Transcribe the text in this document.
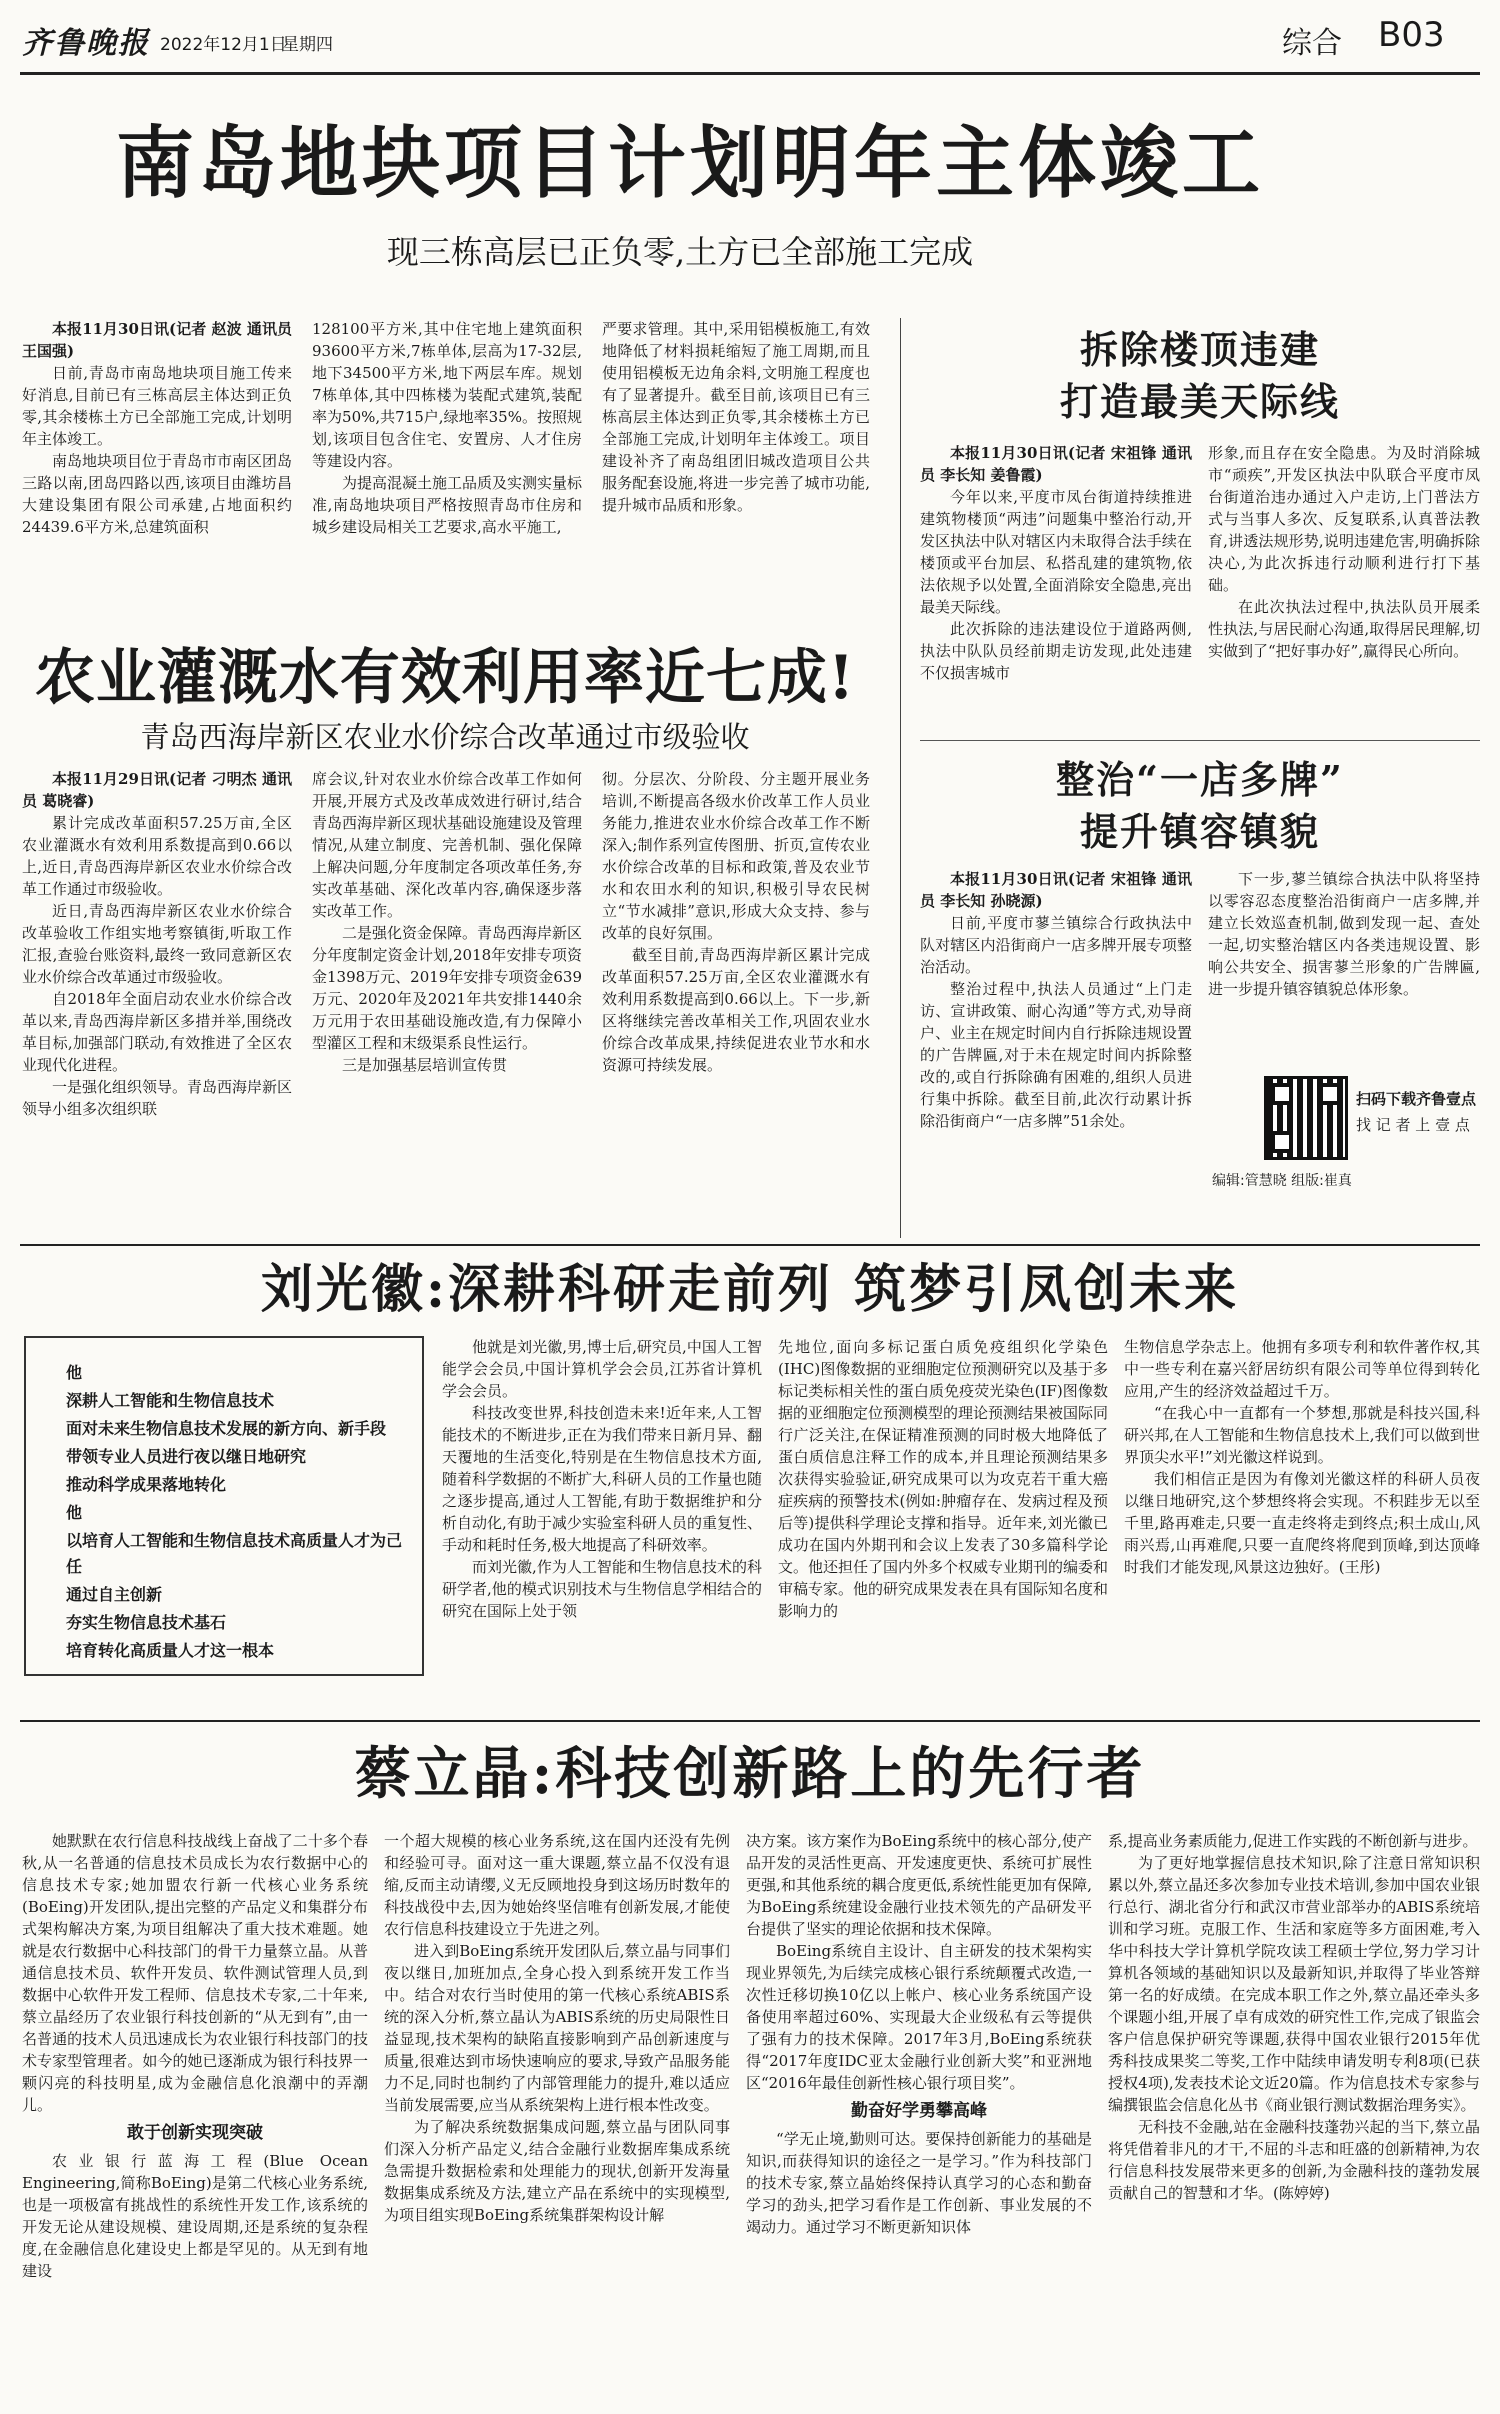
齐鲁晚报 2022年12月1日
星期四	综合 B03
南岛地块项目计划明年主体竣工
现三栋高层已正负零,土方已全部施工完成

本报11月30日讯(记者 赵波 通讯员 王国强)

日前,青岛市南岛地块项目施工传来好消息,目前已有三栋高层主体达到正负零,其余楼栋土方已全部施工完成,计划明年主体竣工。

南岛地块项目位于青岛市市南区团岛三路以南,团岛四路以西,该项目由潍坊昌大建设集团有限公司承建,占地面积约24439.6平方米,总建筑面积

128100平方米,其中住宅地上建筑面积93600平方米,7栋单体,层高为17-32层,地下34500平方米,地下两层车库。规划7栋单体,其中四栋楼为装配式建筑,装配率为50%,共715户,绿地率35%。按照规划,该项目包含住宅、安置房、人才住房等建设内容。

为提高混凝土施工品质及实测实量标准,南岛地块项目严格按照青岛市住房和城乡建设局相关工艺要求,高水平施工,

严要求管理。其中,采用铝模板施工,有效地降低了材料损耗缩短了施工周期,而且使用铝模板无边角余料,文明施工程度也有了显著提升。截至目前,该项目已有三栋高层主体达到正负零,其余楼栋土方已全部施工完成,计划明年主体竣工。项目建设补齐了南岛组团旧城改造项目公共服务配套设施,将进一步完善了城市功能,提升城市品质和形象。

农业灌溉水有效利用率近七成!
青岛西海岸新区农业水价综合改革通过市级验收

本报11月29日讯(记者 刁明杰 通讯员 葛晓睿)

累计完成改革面积57.25万亩,全区农业灌溉水有效利用系数提高到0.66以上,近日,青岛西海岸新区农业水价综合改革工作通过市级验收。

近日,青岛西海岸新区农业水价综合改革验收工作组实地考察镇街,听取工作汇报,查验台账资料,最终一致同意新区农业水价综合改革通过市级验收。

自2018年全面启动农业水价综合改革以来,青岛西海岸新区多措并举,围绕改革目标,加强部门联动,有效推进了全区农业现代化进程。

一是强化组织领导。青岛西海岸新区领导小组多次组织联

席会议,针对农业水价综合改革工作如何开展,开展方式及改革成效进行研讨,结合青岛西海岸新区现状基础设施建设及管理情况,从建立制度、完善机制、强化保障上解决问题,分年度制定各项改革任务,夯实改革基础、深化改革内容,确保逐步落实改革工作。

二是强化资金保障。青岛西海岸新区分年度制定资金计划,2018年安排专项资金1398万元、2019年安排专项资金639万元、2020年及2021年共安排1440余万元用于农田基础设施改造,有力保障小型灌区工程和末级渠系良性运行。

三是加强基层培训宣传贯

彻。分层次、分阶段、分主题开展业务培训,不断提高各级水价改革工作人员业务能力,推进农业水价综合改革工作不断深入;制作系列宣传图册、折页,宣传农业水价综合改革的目标和政策,普及农业节水和农田水利的知识,积极引导农民树立“节水减排”意识,形成大众支持、参与改革的良好氛围。

截至目前,青岛西海岸新区累计完成改革面积57.25万亩,全区农业灌溉水有效利用系数提高到0.66以上。下一步,新区将继续完善改革相关工作,巩固农业水价综合改革成果,持续促进农业节水和水资源可持续发展。

拆除楼顶违建
打造最美天际线

本报11月30日讯(记者 宋祖锋 通讯员 李长知 姜鲁霞)

今年以来,平度市凤台街道持续推进建筑物楼顶“两违”问题集中整治行动,开发区执法中队对辖区内未取得合法手续在楼顶或平台加层、私搭乱建的建筑物,依法依规予以处置,全面消除安全隐患,亮出最美天际线。

此次拆除的违法建设位于道路两侧,执法中队队员经前期走访发现,此处违建不仅损害城市

形象,而且存在安全隐患。为及时消除城市“顽疾”,开发区执法中队联合平度市凤台街道治违办通过入户走访,上门普法方式与当事人多次、反复联系,认真普法教育,讲透法规形势,说明违建危害,明确拆除决心,为此次拆违行动顺利进行打下基础。

在此次执法过程中,执法队员开展柔性执法,与居民耐心沟通,取得居民理解,切实做到了“把好事办好”,赢得民心所向。

整治“一店多牌”
提升镇容镇貌

本报11月30日讯(记者 宋祖锋 通讯员 李长知 孙晓源)

日前,平度市蓼兰镇综合行政执法中队对辖区内沿街商户一店多牌开展专项整治活动。

整治过程中,执法人员通过“上门走访、宣讲政策、耐心沟通”等方式,劝导商户、业主在规定时间内自行拆除违规设置的广告牌匾,对于未在规定时间内拆除整改的,或自行拆除确有困难的,组织人员进行集中拆除。截至目前,此次行动累计拆除沿街商户“一店多牌”51余处。

下一步,蓼兰镇综合执法中队将坚持以零容忍态度整治沿街商户一店多牌,并建立长效巡查机制,做到发现一起、查处一起,切实整治辖区内各类违规设置、影响公共安全、损害蓼兰形象的广告牌匾,进一步提升镇容镇貌总体形象。

扫码下载齐鲁壹点
找 记 者 上 壹 点
编辑:管慧晓 组版:崔真
刘光徽:深耕科研走前列 筑梦引凤创未来

他

深耕人工智能和生物信息技术

面对未来生物信息技术发展的新方向、新手段

带领专业人员进行夜以继日地研究

推动科学成果落地转化

他

以培育人工智能和生物信息技术高质量人才为己任

通过自主创新

夯实生物信息技术基石

培育转化高质量人才这一根本

他就是刘光徽,男,博士后,研究员,中国人工智能学会会员,中国计算机学会会员,江苏省计算机学会会员。

科技改变世界,科技创造未来!近年来,人工智能技术的不断进步,正在为我们带来日新月异、翻天覆地的生活变化,特别是在生物信息技术方面,随着科学数据的不断扩大,科研人员的工作量也随之逐步提高,通过人工智能,有助于数据维护和分析自动化,有助于减少实验室科研人员的重复性、手动和耗时任务,极大地提高了科研效率。

而刘光徽,作为人工智能和生物信息技术的科研学者,他的模式识别技术与生物信息学相结合的研究在国际上处于领

先地位,面向多标记蛋白质免疫组织化学染色(IHC)图像数据的亚细胞定位预测研究以及基于多标记类标相关性的蛋白质免疫荧光染色(IF)图像数据的亚细胞定位预测模型的理论预测结果被国际同行广泛关注,在保证精准预测的同时极大地降低了蛋白质信息注释工作的成本,并且理论预测结果多次获得实验验证,研究成果可以为攻克若干重大癌症疾病的预警技术(例如:肿瘤存在、发病过程及预后等)提供科学理论支撑和指导。近年来,刘光徽已成功在国内外期刊和会议上发表了30多篇科学论文。他还担任了国内外多个权威专业期刊的编委和审稿专家。他的研究成果发表在具有国际知名度和影响力的

生物信息学杂志上。他拥有多项专利和软件著作权,其中一些专利在嘉兴舒居纺织有限公司等单位得到转化应用,产生的经济效益超过千万。

“在我心中一直都有一个梦想,那就是科技兴国,科研兴邦,在人工智能和生物信息技术上,我们可以做到世界顶尖水平!”刘光徽这样说到。

我们相信正是因为有像刘光徽这样的科研人员夜以继日地研究,这个梦想终将会实现。不积跬步无以至千里,路再难走,只要一直走终将走到终点;积土成山,风雨兴焉,山再难爬,只要一直爬终将爬到顶峰,到达顶峰时我们才能发现,风景这边独好。(王彤)

蔡立晶:科技创新路上的先行者

她默默在农行信息科技战线上奋战了二十多个春秋,从一名普通的信息技术员成长为农行数据中心的信息技术专家;她加盟农行新一代核心业务系统(BoEing)开发团队,提出完整的产品定义和集群分布式架构解决方案,为项目组解决了重大技术难题。她就是农行数据中心科技部门的骨干力量蔡立晶。从普通信息技术员、软件开发员、软件测试管理人员,到数据中心软件开发工程师、信息技术专家,二十年来,蔡立晶经历了农业银行科技创新的“从无到有”,由一名普通的技术人员迅速成长为农业银行科技部门的技术专家型管理者。如今的她已逐渐成为银行科技界一颗闪亮的科技明星,成为金融信息化浪潮中的弄潮儿。

敢于创新实现突破

农业银行蓝海工程(Blue Ocean Engineering,简称BoEing)是第二代核心业务系统,也是一项极富有挑战性的系统性开发工作,该系统的开发无论从建设规模、建设周期,还是系统的复杂程度,在金融信息化建设史上都是罕见的。从无到有地建设

一个超大规模的核心业务系统,这在国内还没有先例和经验可寻。面对这一重大课题,蔡立晶不仅没有退缩,反而主动请缨,义无反顾地投身到这场历时数年的科技战役中去,因为她始终坚信唯有创新发展,才能使农行信息科技建设立于先进之列。

进入到BoEing系统开发团队后,蔡立晶与同事们夜以继日,加班加点,全身心投入到系统开发工作当中。结合对农行当时使用的第一代核心系统ABIS系统的深入分析,蔡立晶认为ABIS系统的历史局限性日益显现,技术架构的缺陷直接影响到产品创新速度与质量,很难达到市场快速响应的要求,导致产品服务能力不足,同时也制约了内部管理能力的提升,难以适应当前发展需要,应当从系统架构上进行根本性改变。

为了解决系统数据集成问题,蔡立晶与团队同事们深入分析产品定义,结合金融行业数据库集成系统急需提升数据检索和处理能力的现状,创新开发海量数据集成系统及方法,建立产品在系统中的实现模型,为项目组实现BoEing系统集群架构设计解

决方案。该方案作为BoEing系统中的核心部分,使产品开发的灵活性更高、开发速度更快、系统可扩展性更强,和其他系统的耦合度更低,系统性能更加有保障,为BoEing系统建设金融行业技术领先的产品研发平台提供了坚实的理论依据和技术保障。

BoEing系统自主设计、自主研发的技术架构实现业界领先,为后续完成核心银行系统颠覆式改造,一次性迁移切换10亿以上帐户、核心业务系统国产设备使用率超过60%、实现最大企业级私有云等提供了强有力的技术保障。2017年3月,BoEing系统获得“2017年度IDC亚太金融行业创新大奖”和亚洲地区“2016年最佳创新性核心银行项目奖”。

勤奋好学勇攀高峰

“学无止境,勤则可达。要保持创新能力的基础是知识,而获得知识的途径之一是学习。”作为科技部门的技术专家,蔡立晶始终保持认真学习的心态和勤奋学习的劲头,把学习看作是工作创新、事业发展的不竭动力。通过学习不断更新知识体

系,提高业务素质能力,促进工作实践的不断创新与进步。

为了更好地掌握信息技术知识,除了注意日常知识积累以外,蔡立晶还多次参加专业技术培训,参加中国农业银行总行、湖北省分行和武汉市营业部举办的ABIS系统培训和学习班。克服工作、生活和家庭等多方面困难,考入华中科技大学计算机学院攻读工程硕士学位,努力学习计算机各领域的基础知识以及最新知识,并取得了毕业答辩第一名的好成绩。在完成本职工作之外,蔡立晶还牵头多个课题小组,开展了卓有成效的研究性工作,完成了银监会客户信息保护研究等课题,获得中国农业银行2015年优秀科技成果奖二等奖,工作中陆续申请发明专利8项(已获授权4项),发表技术论文近20篇。作为信息技术专家参与编撰银监会信息化丛书《商业银行测试数据治理务实》。

无科技不金融,站在金融科技蓬勃兴起的当下,蔡立晶将凭借着非凡的才干,不屈的斗志和旺盛的创新精神,为农行信息科技发展带来更多的创新,为金融科技的蓬勃发展贡献自己的智慧和才华。(陈婷婷)
